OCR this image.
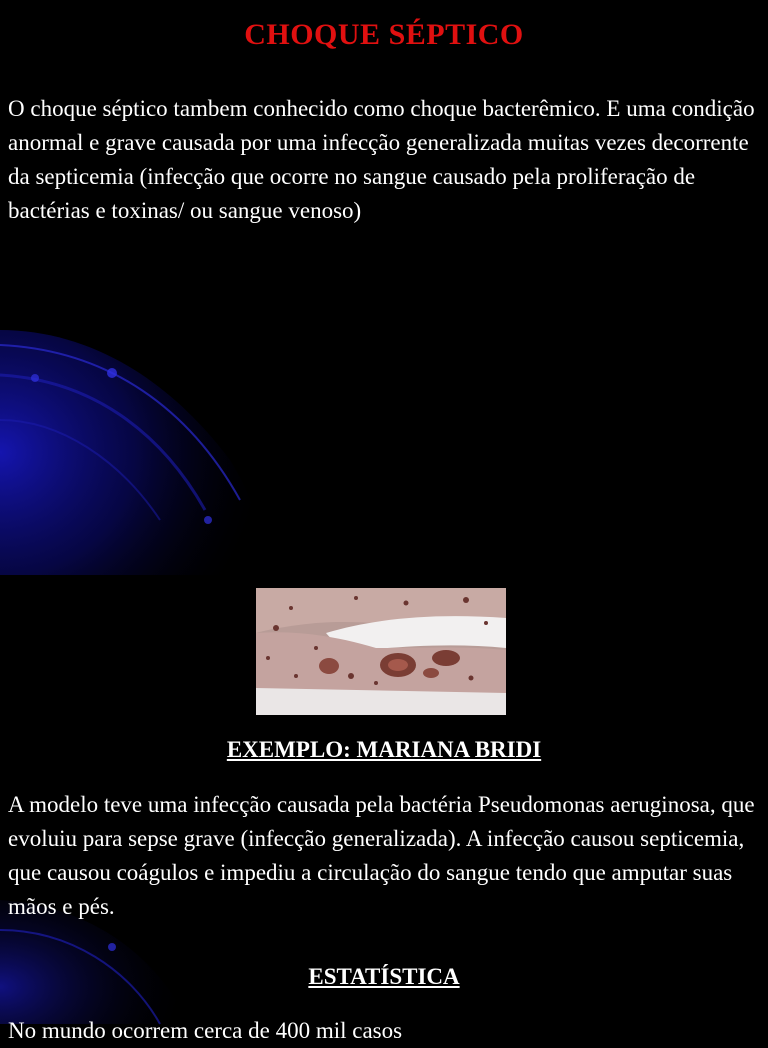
CHOQUE SÉPTICO

O choque séptico tambem conhecido como choque bacterêmico. E uma condição anormal e grave causada por uma infecção generalizada muitas vezes decorrente da septicemia (infecção que ocorre no sangue causado pela proliferação de bactérias e toxinas/ ou sangue venoso)

EXEMPLO: MARIANA BRIDI

A modelo teve uma infecção causada pela bactéria Pseudomonas aeruginosa, que evoluiu para sepse grave (infecção generalizada). A infecção causou septicemia, que causou coágulos e impediu a circulação do sangue tendo que amputar suas mãos e pés.

ESTATÍSTICA

No mundo ocorrem cerca de 400 mil casos
